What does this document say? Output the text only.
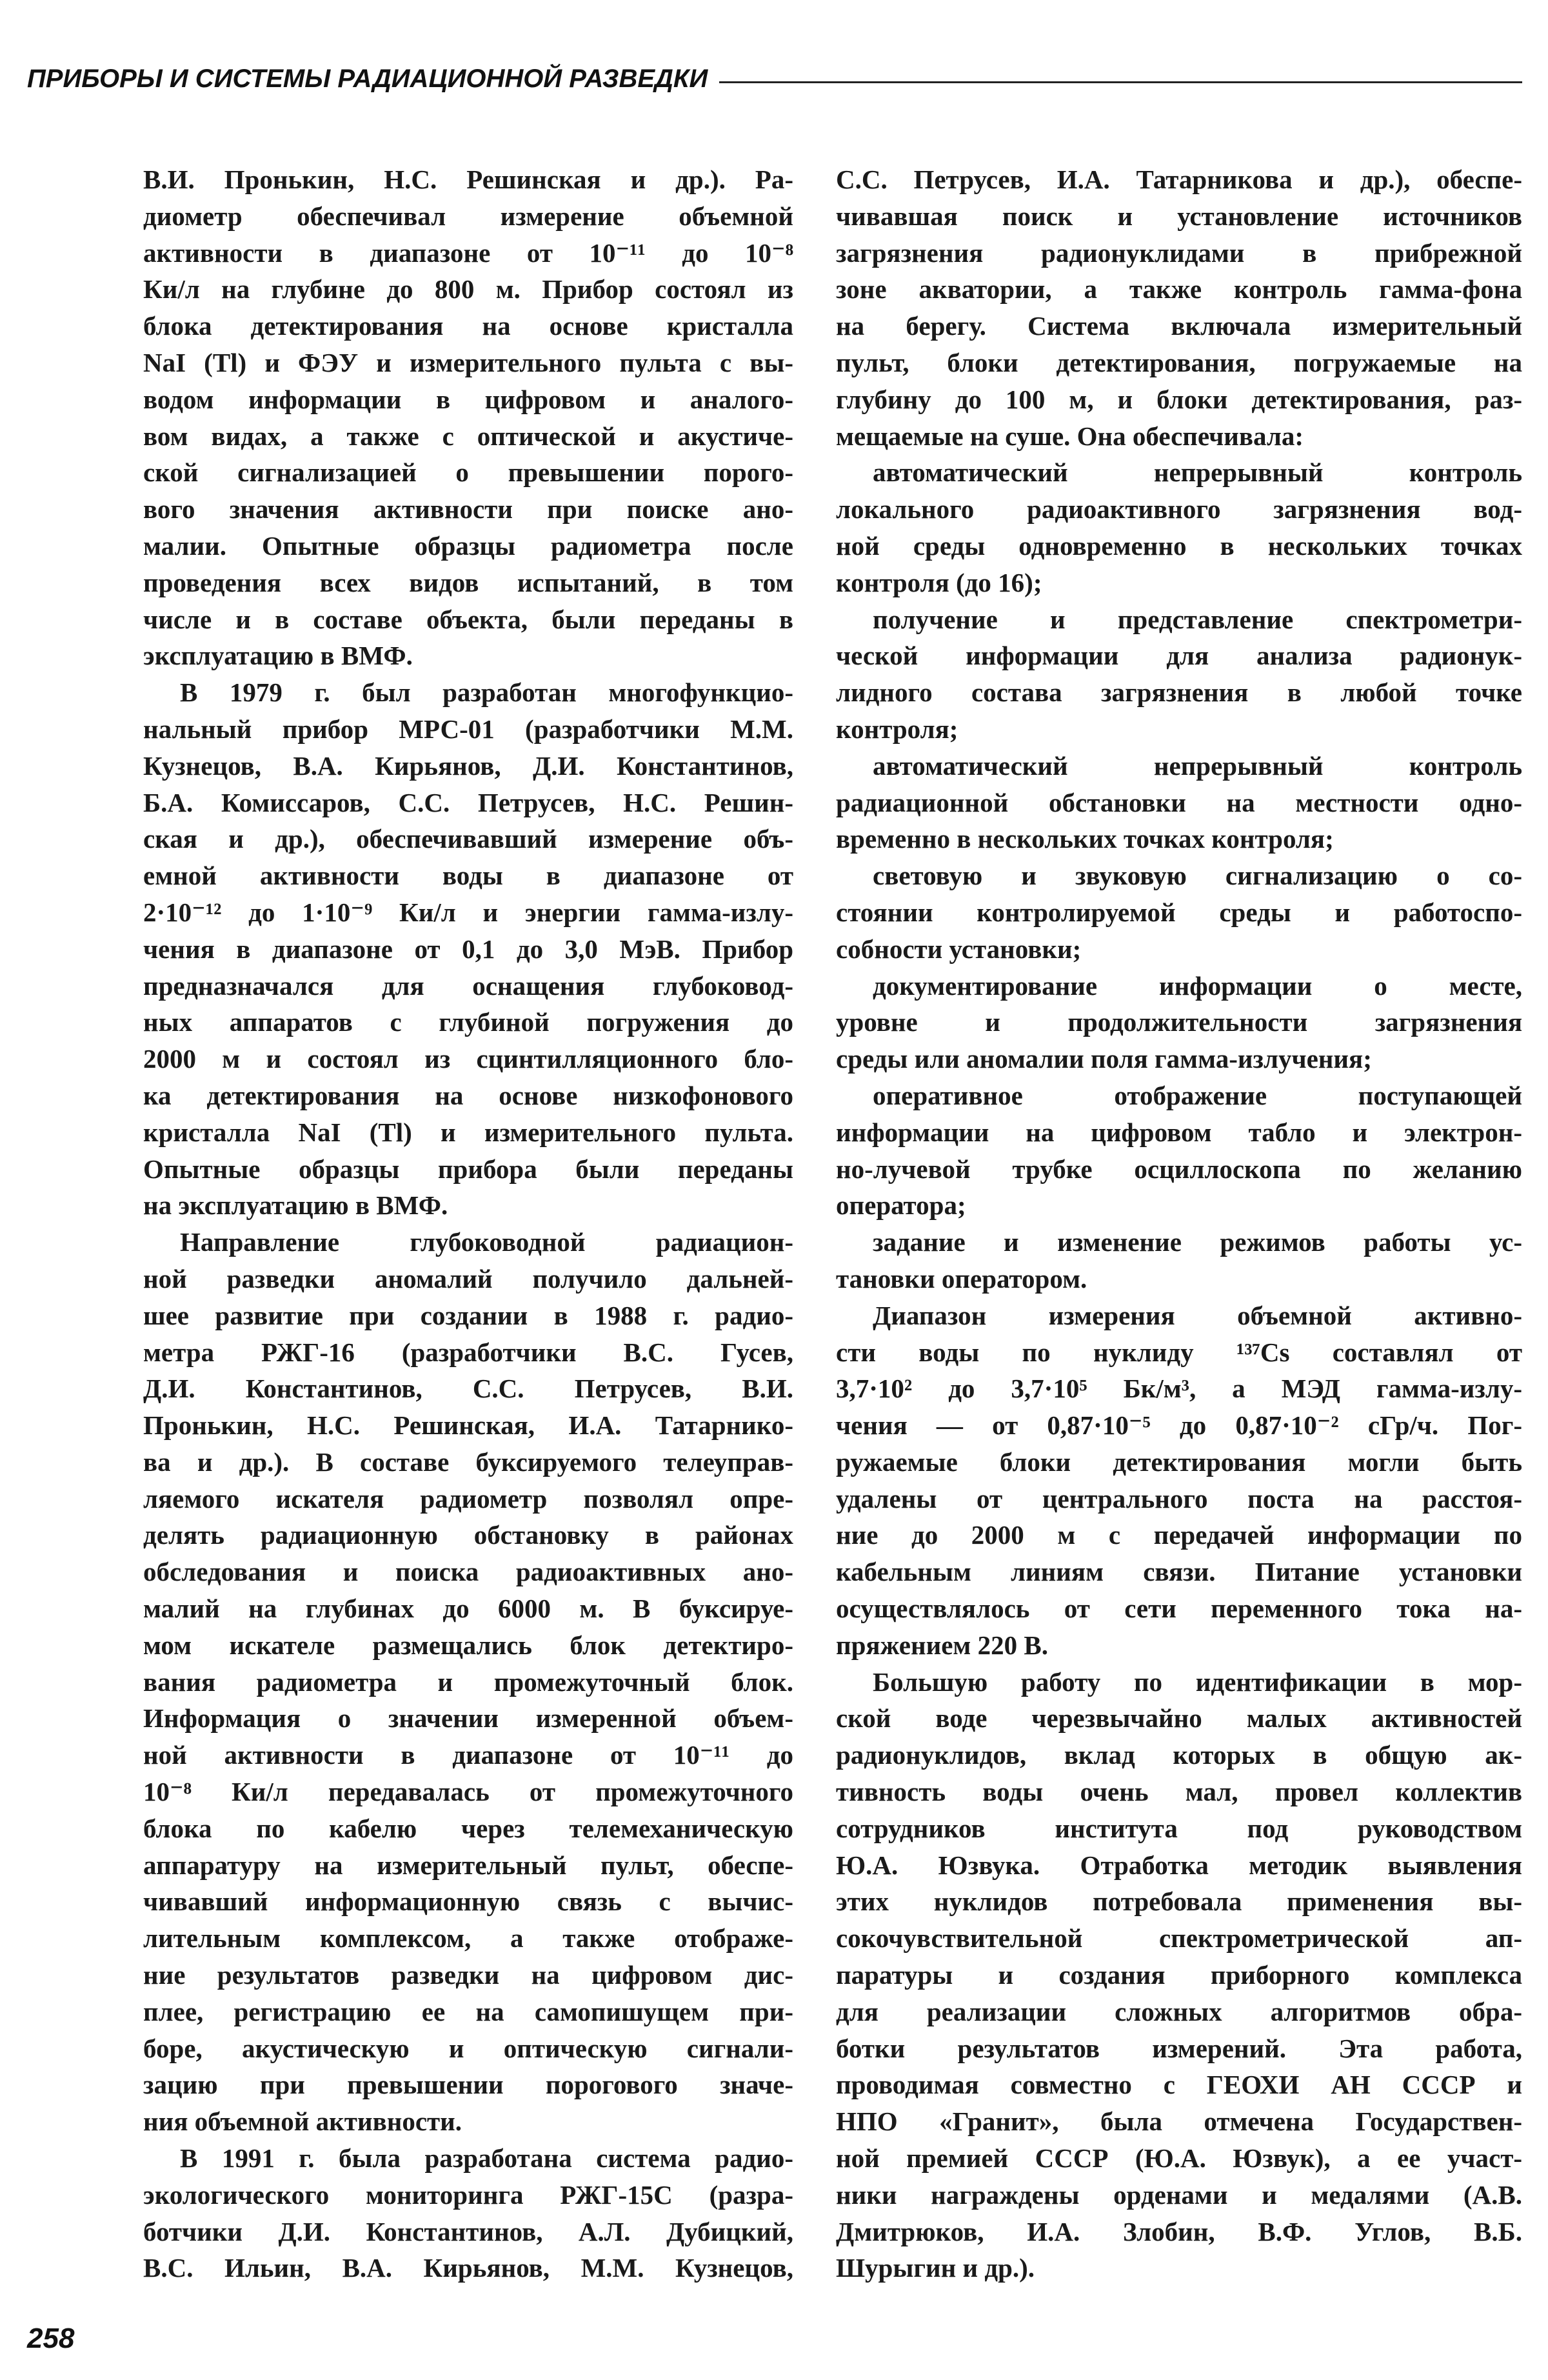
ПРИБОРЫ И СИСТЕМЫ РАДИАЦИОННОЙ РАЗВЕДКИ
В.И. Пронькин, Н.С. Решинская и др.). Ра-
диометр обеспечивал измерение объемной
активности в диапазоне от 10⁻¹¹ до 10⁻⁸
Ки/л на глубине до 800 м. Прибор состоял из
блока детектирования на основе кристалла
NaI (Tl) и ФЭУ и измерительного пульта с вы-
водом информации в цифровом и аналого-
вом видах, а также с оптической и акустиче-
ской сигнализацией о превышении порого-
вого значения активности при поиске ано-
малии. Опытные образцы радиометра после
проведения всех видов испытаний, в том
числе и в составе объекта, были переданы в
эксплуатацию в ВМФ.
В 1979 г. был разработан многофункцио-
нальный прибор МРС-01 (разработчики М.М.
Кузнецов, В.А. Кирьянов, Д.И. Константинов,
Б.А. Комиссаров, С.С. Петрусев, Н.С. Решин-
ская и др.), обеспечивавший измерение объ-
емной активности воды в диапазоне от
2·10⁻¹² до 1·10⁻⁹ Ки/л и энергии гамма-излу-
чения в диапазоне от 0,1 до 3,0 МэВ. Прибор
предназначался для оснащения глубоковод-
ных аппаратов с глубиной погружения до
2000 м и состоял из сцинтилляционного бло-
ка детектирования на основе низкофонового
кристалла NaI (Tl) и измерительного пульта.
Опытные образцы прибора были переданы
на эксплуатацию в ВМФ.
Направление глубоководной радиацион-
ной разведки аномалий получило дальней-
шее развитие при создании в 1988 г. радио-
метра РЖГ-16 (разработчики В.С. Гусев,
Д.И. Константинов, С.С. Петрусев, В.И.
Пронькин, Н.С. Решинская, И.А. Татарнико-
ва и др.). В составе буксируемого телеуправ-
ляемого искателя радиометр позволял опре-
делять радиационную обстановку в районах
обследования и поиска радиоактивных ано-
малий на глубинах до 6000 м. В буксируе-
мом искателе размещались блок детектиро-
вания радиометра и промежуточный блок.
Информация о значении измеренной объем-
ной активности в диапазоне от 10⁻¹¹ до
10⁻⁸ Ки/л передавалась от промежуточного
блока по кабелю через телемеханическую
аппаратуру на измерительный пульт, обеспе-
чивавший информационную связь с вычис-
лительным комплексом, а также отображе-
ние результатов разведки на цифровом дис-
плее, регистрацию ее на самопишущем при-
боре, акустическую и оптическую сигнали-
зацию при превышении порогового значе-
ния объемной активности.
В 1991 г. была разработана система радио-
экологического мониторинга РЖГ-15С (разра-
ботчики Д.И. Константинов, А.Л. Дубицкий,
В.С. Ильин, В.А. Кирьянов, М.М. Кузнецов,
С.С. Петрусев, И.А. Татарникова и др.), обеспе-
чивавшая поиск и установление источников
загрязнения радионуклидами в прибрежной
зоне акватории, а также контроль гамма-фона
на берегу. Система включала измерительный
пульт, блоки детектирования, погружаемые на
глубину до 100 м, и блоки детектирования, раз-
мещаемые на суше. Она обеспечивала:
автоматический непрерывный контроль
локального радиоактивного загрязнения вод-
ной среды одновременно в нескольких точках
контроля (до 16);
получение и представление спектрометри-
ческой информации для анализа радионук-
лидного состава загрязнения в любой точке
контроля;
автоматический непрерывный контроль
радиационной обстановки на местности одно-
временно в нескольких точках контроля;
световую и звуковую сигнализацию о со-
стоянии контролируемой среды и работоспо-
собности установки;
документирование информации о месте,
уровне и продолжительности загрязнения
среды или аномалии поля гамма-излучения;
оперативное отображение поступающей
информации на цифровом табло и электрон-
но-лучевой трубке осциллоскопа по желанию
оператора;
задание и изменение режимов работы ус-
тановки оператором.
Диапазон измерения объемной активно-
сти воды по нуклиду ¹³⁷Cs составлял от
3,7·10² до 3,7·10⁵ Бк/м³, а МЭД гамма-излу-
чения — от 0,87·10⁻⁵ до 0,87·10⁻² сГр/ч. Пог-
ружаемые блоки детектирования могли быть
удалены от центрального поста на расстоя-
ние до 2000 м с передачей информации по
кабельным линиям связи. Питание установки
осуществлялось от сети переменного тока на-
пряжением 220 В.
Большую работу по идентификации в мор-
ской воде черезвычайно малых активностей
радионуклидов, вклад которых в общую ак-
тивность воды очень мал, провел коллектив
сотрудников института под руководством
Ю.А. Юзвука. Отработка методик выявления
этих нуклидов потребовала применения вы-
сокочувствительной спектрометрической ап-
паратуры и создания приборного комплекса
для реализации сложных алгоритмов обра-
ботки результатов измерений. Эта работа,
проводимая совместно с ГЕОХИ АН СССР и
НПО «Гранит», была отмечена Государствен-
ной премией СССР (Ю.А. Юзвук), а ее участ-
ники награждены орденами и медалями (А.В.
Дмитрюков, И.А. Злобин, В.Ф. Углов, В.Б.
Шурыгин и др.).
258
